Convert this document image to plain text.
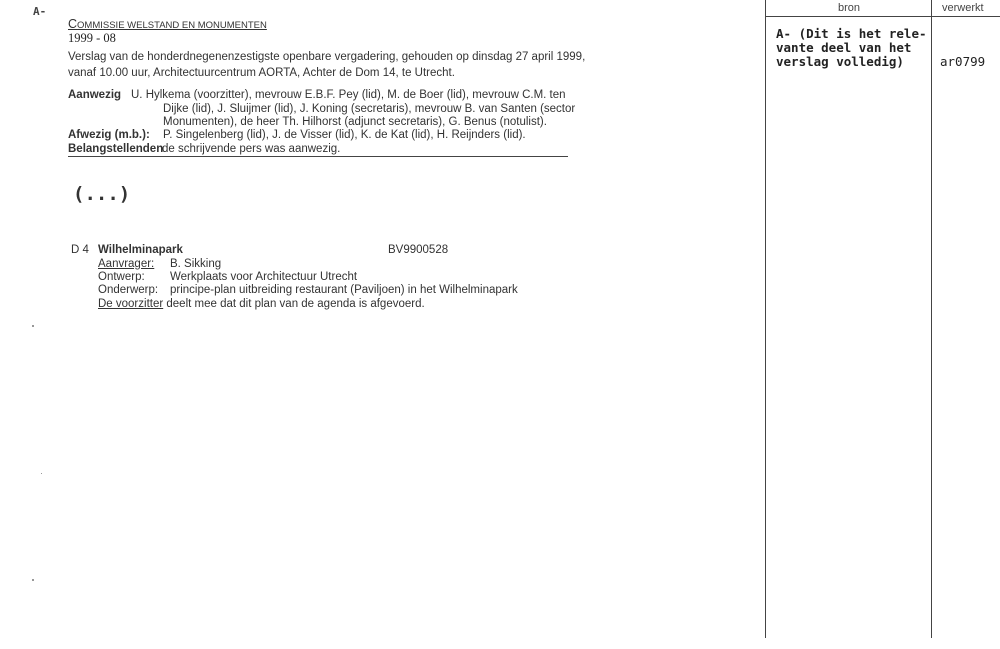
A-
COMMISSIE WELSTAND EN MONUMENTEN
1999 - 08
Verslag van de honderdnegenenzestigste openbare vergadering, gehouden op dinsdag 27 april 1999,
vanaf 10.00 uur, Architectuurcentrum AORTA, Achter de Dom 14, te Utrecht.
Aanwezig U. Hylkema (voorzitter), mevrouw E.B.F. Pey (lid), M. de Boer (lid), mevrouw C.M. ten
Dijke (lid), J. Sluijmer (lid), J. Koning (secretaris), mevrouw B. van Santen (sector
Monumenten), de heer Th. Hilhorst (adjunct secretaris), G. Benus (notulist).
Afwezig (m.b.): P. Singelenberg (lid), J. de Visser (lid), K. de Kat (lid), H. Reijnders (lid).
Belangstellenden
de schrijvende pers was aanwezig.
(...)
D 4 Wilhelminapark	BV9900528
Aanvrager: B. Sikking
Ontwerp: Werkplaats voor Architectuur Utrecht
Onderwerp: principe-plan uitbreiding restaurant (Paviljoen) in het Wilhelminapark
De voorzitter deelt mee dat dit plan van de agenda is afgevoerd.
bron	verwerkt
A- (Dit is het rele-
vante deel van het
verslag volledig)	ar0799
